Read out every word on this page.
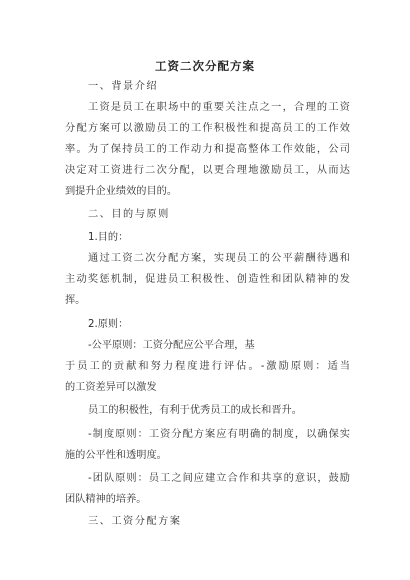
工资二次分配方案
一、背景介绍
工资是员工在职场中的重要关注点之一，合理的工资
分配方案可以激励员工的工作积极性和提高员工的工作效
率。为了保持员工的工作动力和提高整体工作效能，公司
决定对工资进行二次分配，以更合理地激励员工，从而达
到提升企业绩效的目的。
二、目的与原则
1.目的：
通过工资二次分配方案，实现员工的公平薪酬待遇和
主动奖惩机制，促进员工积极性、创造性和团队精神的发
挥。
2.原则：
-公平原则：工资分配应公平合理，基
于员工的贡献和努力程度进行评估。-激励原则：适当
的工资差异可以激发
员工的积极性，有利于优秀员工的成长和晋升。
-制度原则：工资分配方案应有明确的制度，以确保实
施的公平性和透明度。
-团队原则：员工之间应建立合作和共享的意识，鼓励
团队精神的培养。
三、工资分配方案
